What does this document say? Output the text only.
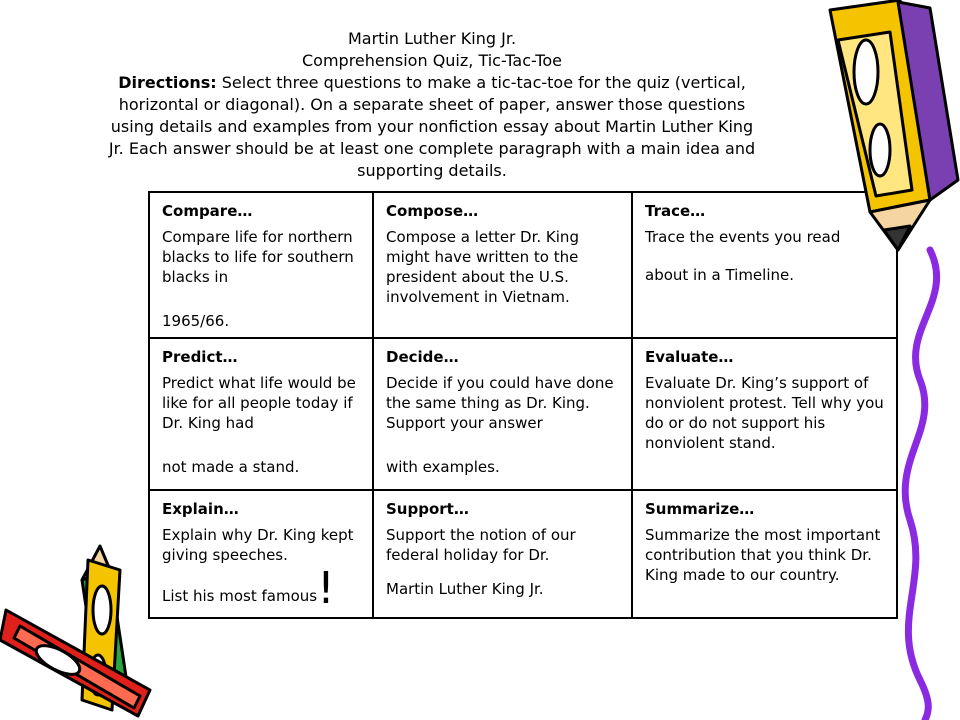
Martin Luther King Jr.
Comprehension Quiz, Tic-Tac-Toe
Directions: Select three questions to make a tic-tac-toe for the quiz (vertical,
horizontal or diagonal). On a separate sheet of paper, answer those questions
using details and examples from your nonfiction essay about Martin Luther King
Jr. Each answer should be at least one complete paragraph with a main idea and
supporting details.
Compare…
Compare life for northern blacks to life for southern blacks in
1965/66.	Compose…
Compose a letter Dr. King might have written to the president about the U.S. involvement in Vietnam.	Trace…
Trace the events you read
about in a Timeline.

Predict…
Predict what life would be like for all people today if Dr. King had
not made a stand.	Decide…
Decide if you could have done the same thing as Dr. King. Support your answer
with examples.	Evaluate…
Evaluate Dr. King’s support of nonviolent protest. Tell why you do or do not support his nonviolent stand.

Explain…
Explain why Dr. King kept giving speeches.
List his most famous!	Support…
Support the notion of our federal holiday for Dr.
Martin Luther King Jr.	Summarize…
Summarize the most important contribution that you think Dr. King made to our country.
